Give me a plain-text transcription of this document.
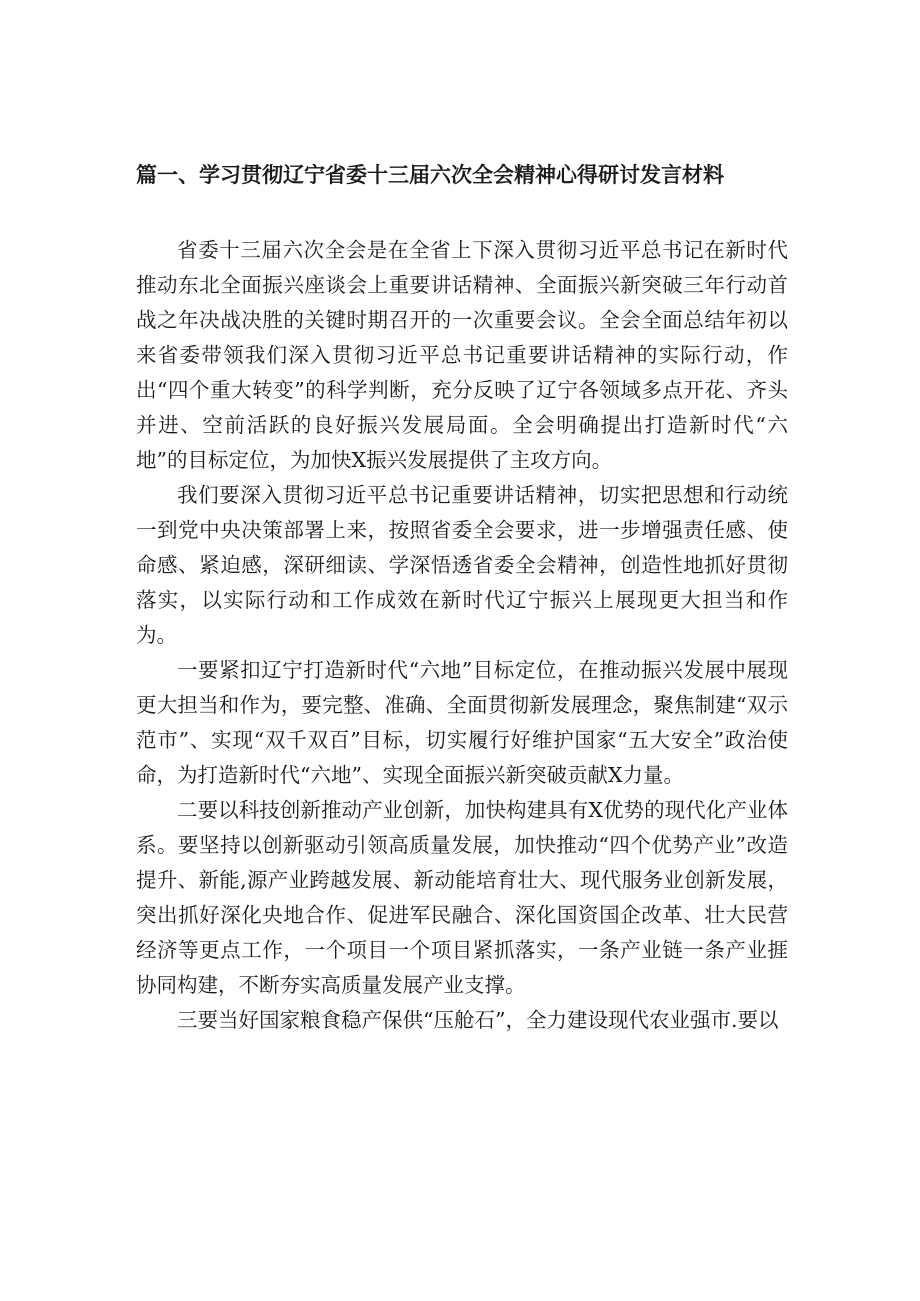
篇一、学习贯彻辽宁省委十三届六次全会精神心得研讨发言材料

省委十三届六次全会是在全省上下深入贯彻习近平总书记在新时代推动东北全面振兴座谈会上重要讲话精神、全面振兴新突破三年行动首战之年决战决胜的关键时期召开的一次重要会议。全会全面总结年初以来省委带领我们深入贯彻习近平总书记重要讲话精神的实际行动，作出“四个重大转变”的科学判断，充分反映了辽宁各领域多点开花、齐头并进、空前活跃的良好振兴发展局面。全会明确提出打造新时代“六地”的目标定位，为加快X振兴发展提供了主攻方向。

我们要深入贯彻习近平总书记重要讲话精神，切实把思想和行动统一到党中央决策部署上来，按照省委全会要求，进一步增强责任感、使命感、紧迫感，深研细读、学深悟透省委全会精神，创造性地抓好贯彻落实，以实际行动和工作成效在新时代辽宁振兴上展现更大担当和作为。

一要紧扣辽宁打造新时代“六地”目标定位，在推动振兴发展中展现更大担当和作为，要完整、准确、全面贯彻新发展理念，聚焦制建“双示范市”、实现“双千双百”目标，切实履行好维护国家“五大安全”政治使命，为打造新时代“六地”、实现全面振兴新突破贡献X力量。

二要以科技创新推动产业创新，加快构建具有X优势的现代化产业体系。要坚持以创新驱动引领高质量发展，加快推动“四个优势产业”改造提升、新能,源产业跨越发展、新动能培育壮大、现代服务业创新发展，突出抓好深化央地合作、促进军民融合、深化国资国企改革、壮大民营经济等更点工作，一个项目一个项目紧抓落实，一条产业链一条产业捱协同构建，不断夯实高质量发展产业支撑。

三要当好国家粮食稳产保供“压舱石”，全力建设现代农业强市.要以
